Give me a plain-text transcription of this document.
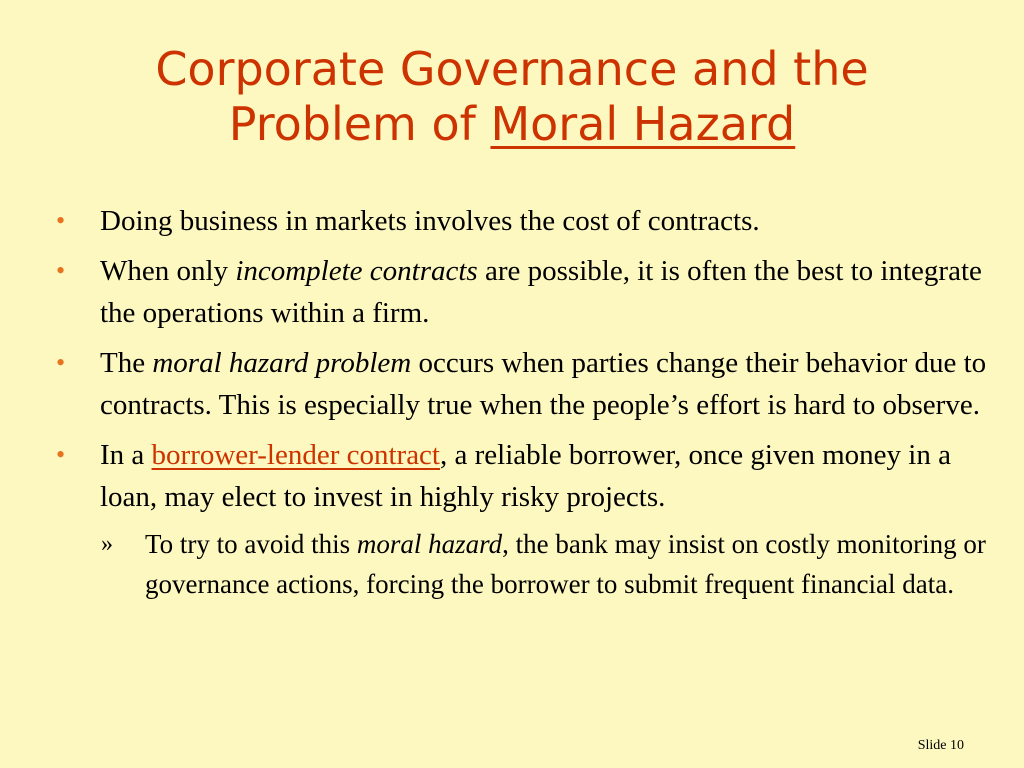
Corporate Governance and the
Problem of Moral Hazard
• Doing business in markets involves the cost of contracts.
• When only incomplete contracts are possible, it is often the best to integrate the operations within a firm.
• The moral hazard problem occurs when parties change their behavior due to contracts. This is especially true when the people’s effort is hard to observe.
• In a borrower-lender contract, a reliable borrower, once given money in a loan, may elect to invest in highly risky projects.
» To try to avoid this moral hazard, the bank may insist on costly monitoring or governance actions, forcing the borrower to submit frequent financial data.
Slide 10
